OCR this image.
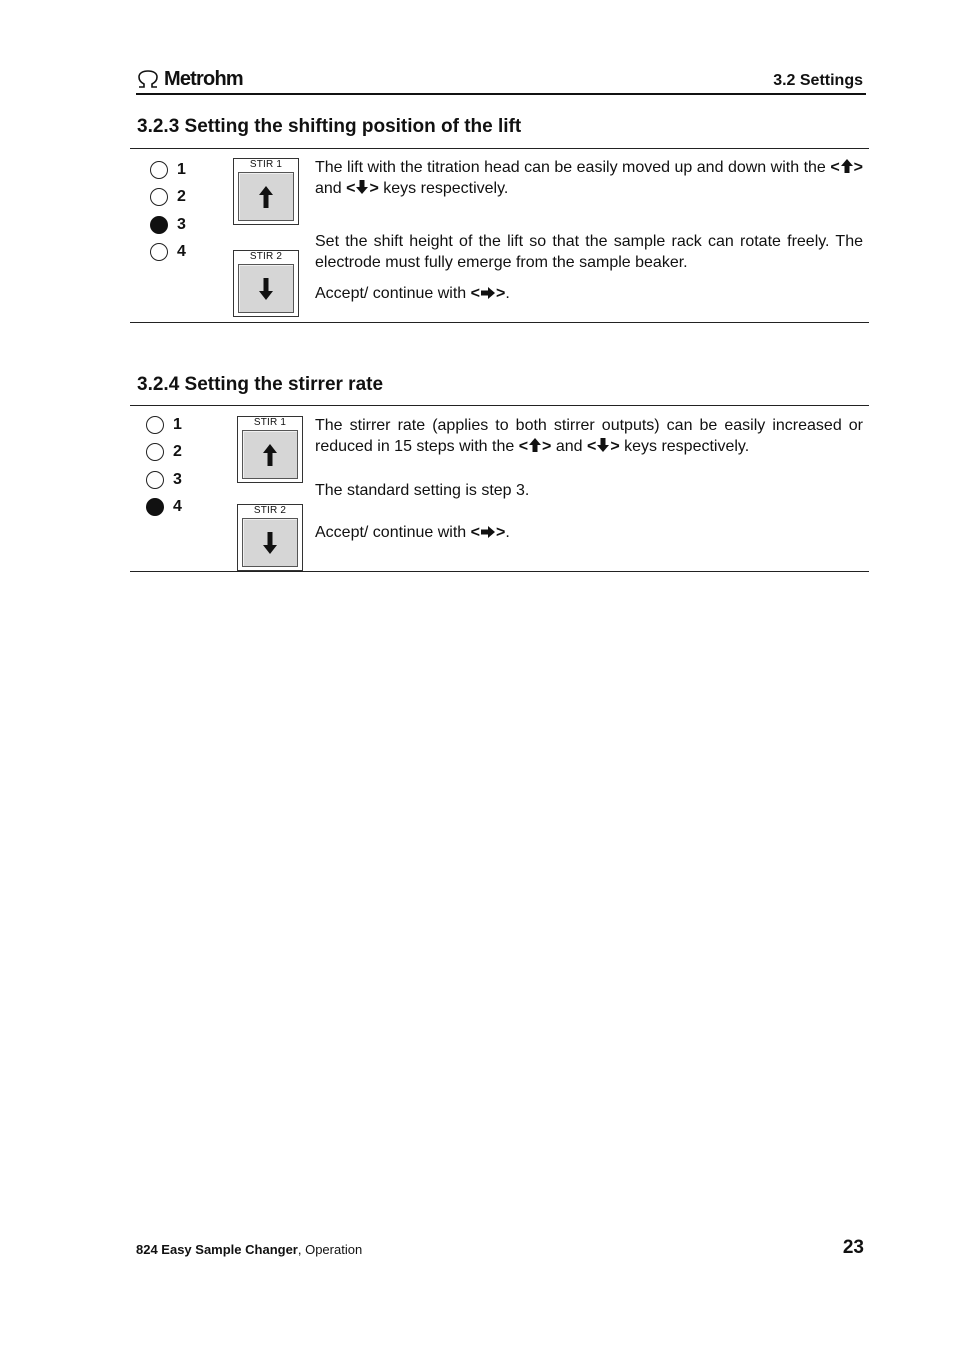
Metrohm	3.2 Settings
3.2.3 Setting the shifting position of the lift
1
2
3
4
STIR 1
STIR 2
The lift with the titration head can be easily moved up and down with the < > and < > keys respectively.
Set the shift height of the lift so that the sample rack can rotate freely. The electrode must fully emerge from the sample beaker.
Accept/ continue with < >.
3.2.4 Setting the stirrer rate
1
2
3
4
STIR 1
STIR 2
The stirrer rate (applies to both stirrer outputs) can be easily increased or reduced in 15 steps with the < > and < > keys respectively.
The standard setting is step 3.
Accept/ continue with < >.
824 Easy Sample Changer, Operation	23
